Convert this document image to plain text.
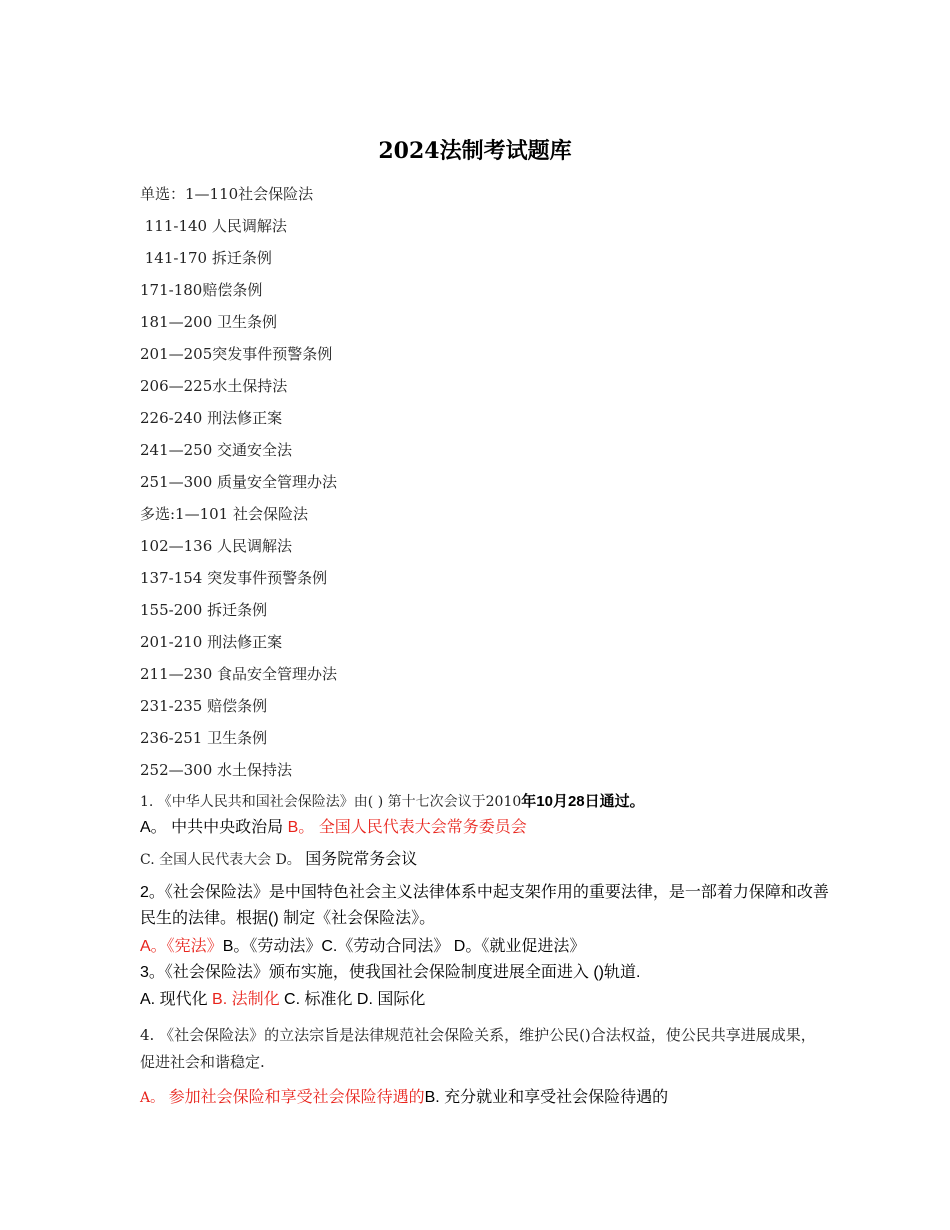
2024法制考试题库
单选：1—110社会保险法
111-140 人民调解法
141-170 拆迁条例
171-180赔偿条例
181—200 卫生条例
201—205突发事件预警条例
206—225水土保持法
226-240 刑法修正案
241—250 交通安全法
251—300 质量安全管理办法
多选:1—101 社会保险法
102—136 人民调解法
137-154 突发事件预警条例
155-200 拆迁条例
201-210 刑法修正案
211—230 食品安全管理办法
231-235 赔偿条例
236-251 卫生条例
252—300 水土保持法
1. 《中华人民共和国社会保险法》由( ) 第十七次会议于2010年10月28日通过。
A。 中共中央政治局 B。 全国人民代表大会常务委员会
C. 全国人民代表大会 D。 国务院常务会议
2。《社会保险法》是中国特色社会主义法律体系中起支架作用的重要法律，是一部着力保障和改善民生的法律。根据() 制定《社会保险法》。
A。《宪法》B。《劳动法》C.《劳动合同法》 D。《就业促进法》
3。《社会保险法》颁布实施，使我国社会保险制度进展全面进入 ()轨道.
A. 现代化 B. 法制化 C. 标准化 D. 国际化
4. 《社会保险法》的立法宗旨是法律规范社会保险关系，维护公民()合法权益，使公民共享进展成果，促进社会和谐稳定.
A。 参加社会保险和享受社会保险待遇的B. 充分就业和享受社会保险待遇的
